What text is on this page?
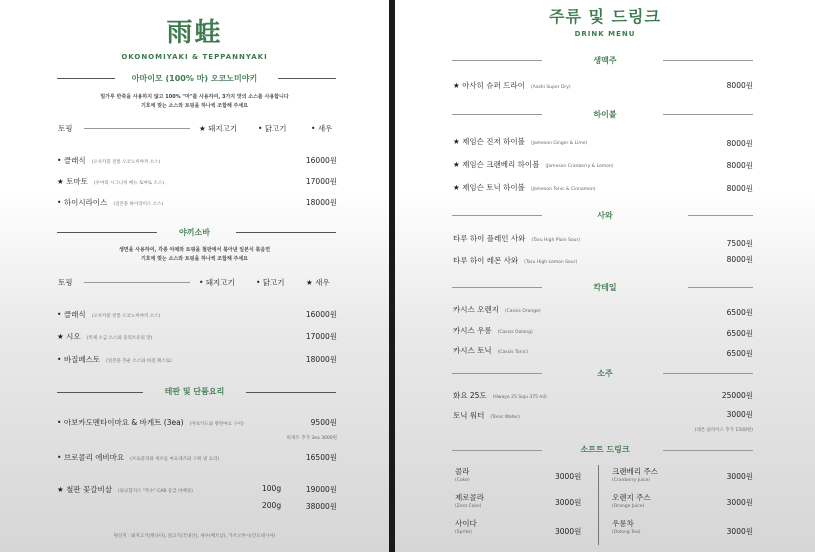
雨蛙
OKONOMIYAKI & TEPPANNYAKI
아마이모 (100% 마) 오코노미야키
밀가루 반죽을 사용하지 않고 100% "마"를 사용하여, 3가지 맛의 소스를 사용합니다
기호에 맞는 소스와 토핑을 하나씩 조합해 주세요
토핑	★ 돼지고기	• 닭고기	• 새우
• 클래식 (오사카풍 전통 오코노미야끼 소스)	16000원
★ 토마토 (우마의 시그니처 메뉴 토마토 소스)	17000원
• 하이시라이스 (일본풍 하이라이스 소스)	18000원
야끼소바
생면을 사용하여, 각종 야채와 토핑을 철판에서 볶아낸 일본식 볶음면
기호에 맞는 소스와 토핑을 하나씩 조합해 주세요
토핑	• 돼지고기	• 닭고기	★ 새우
• 클래식 (오사카풍 전통 오코노미야끼 소스)	16000원
★ 시오 (특제 소금 소스와 올리브유의 맛)	17000원
• 바질페스토 (일본풍 추운 소스와 바질 페스토)	18000원
테판 및 단품요리
• 아보카도멘타이마요 & 바게트 (3ea) (아보카도와 명란마요 구이)	9500원
바게트 추가 3ea 3000원
• 브로콜리 에비마요 (브로콜리와 새우를 마요네즈와 구워 낸 요리)	16500원
★ 철판 꽃갈비살 (와규함지스 "특수" CAB 등급 바베큐)	100g	19000원
200g	38000원
원산지 : 돼지고기(캐나다), 닭고기(국내산), 새우(베트남), 가쓰오부시(인도네시아)
주류 및 드링크
DRINK MENU
생맥주
★ 아사히 슈퍼 드라이 (Asahi Super Dry)	8000원
하이볼
★ 제임슨 진저 하이볼 (Jameson Ginger & Lime)	8000원
★ 제임슨 크랜베리 하이볼 (Jameson Cranberry & Lemon)	8000원
★ 제임슨 토닉 하이볼 (Jameson Tonic & Cinnamon)	8000원
사와
타루 하이 플레인 사와 (Taru High Plain Sour)	7500원
타루 하이 레몬 사와 (Taru High Lemon Sour)	8000원
칵테일
카시스 오렌지 (Cassis Orange)	6500원
카시스 우롱 (Cassis Oolong)	6500원
카시스 토닉 (Cassis Tonic)	6500원
소주
화요 25도 (Hwayo 25 Soju 375 ml)	25000원
토닉 워터 (Tonic Water)	3000원
(레몬 슬라이스 추가 1500원)
소프트 드링크
콜라
(Coke)	3000원
제로콜라
(Zero Coke)	3000원
사이다
(Sprite)	3000원
크랜베리 주스
(Cranberry Juice)	3000원
오렌지 주스
(Orange Juice)	3000원
우롱차
(Oolong Tea)	3000원
